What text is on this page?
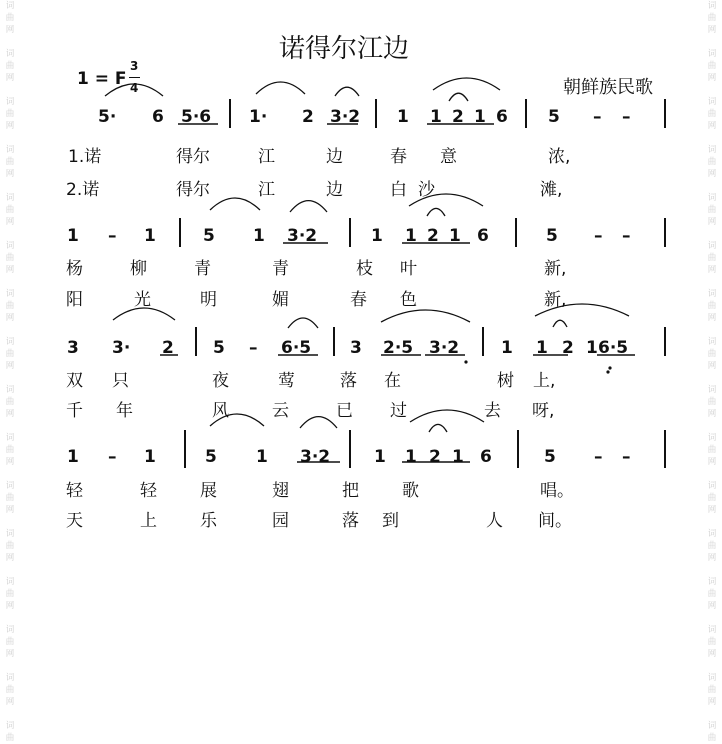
词
曲
网

词
曲
网

词
曲
网

词
曲
网

词
曲
网

词
曲
网

词
曲
网

词
曲
网

词
曲
网

词
曲
网

词
曲
网

词
曲
网

词
曲
网

词
曲
网

词
曲
网

词
曲

词
曲
网

词
曲
网

词
曲
网

词
曲
网

词
曲
网

词
曲
网

词
曲
网

词
曲
网

词
曲
网

词
曲
网

词
曲
网

词
曲
网

词
曲
网

词
曲
网

词
曲
网

词
曲

诺得尔江边
1 = F
3
4	朝鲜族民歌
5· 6 5·6 1· 2 3·2 1 1 2 1 6 5 – –
1.诺	得尔	江	边	春 意	浓,
2.诺	得尔	江	边	白 沙	滩,
1 – 1	5 1 3·2	1 1 2 1 6	5 – –
杨	柳	青	青	枝 叶	新,
阳	光	明	媚	春 色	新,
3 3· 2 5 – 6·5 3 2·5 3·2 1 1 2 1 6·5
双 只	夜	莺	落 在	树 上,
千 年	风	云	已 过	去 呀,
1 – 1	5 1 3·2	1 1 2 1 6	5 – –
轻	轻	展	翅	把	歌	唱。
天	上	乐	园	落 到	人 间。
